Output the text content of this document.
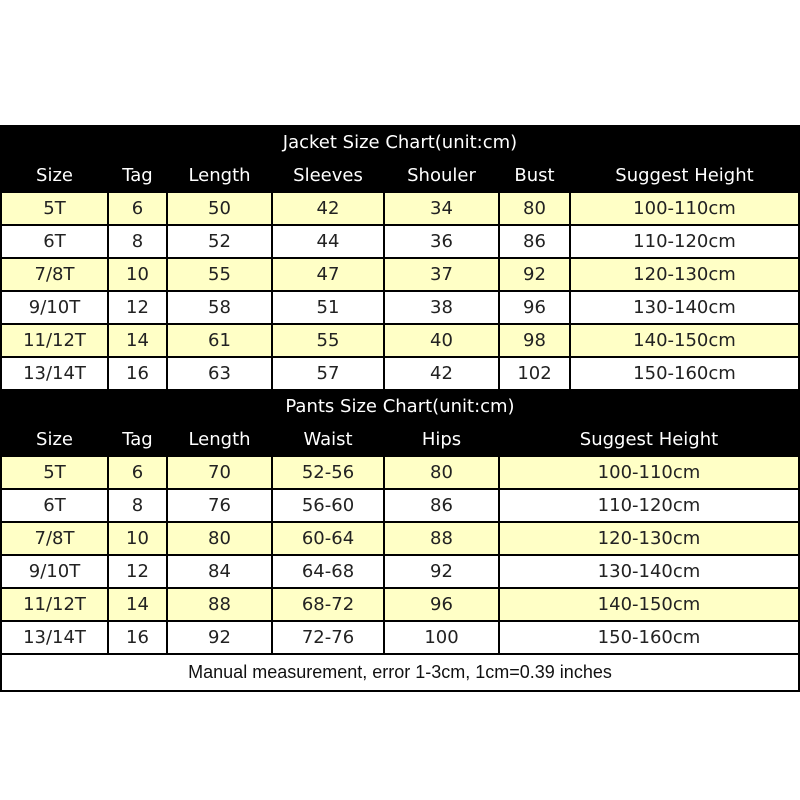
Jacket Size Chart(unit:cm)
Size	Tag	Length	Sleeves	Shouler	Bust	Suggest Height
5T	6	50	42	34	80	100-110cm
6T	8	52	44	36	86	110-120cm
7/8T	10	55	47	37	92	120-130cm
9/10T	12	58	51	38	96	130-140cm
11/12T	14	61	55	40	98	140-150cm
13/14T	16	63	57	42	102	150-160cm
Pants Size Chart(unit:cm)
Size	Tag	Length	Waist	Hips	Suggest Height
5T	6	70	52-56	80	100-110cm
6T	8	76	56-60	86	110-120cm
7/8T	10	80	60-64	88	120-130cm
9/10T	12	84	64-68	92	130-140cm
11/12T	14	88	68-72	96	140-150cm
13/14T	16	92	72-76	100	150-160cm
Manual measurement, error 1-3cm, 1cm=0.39 inches
